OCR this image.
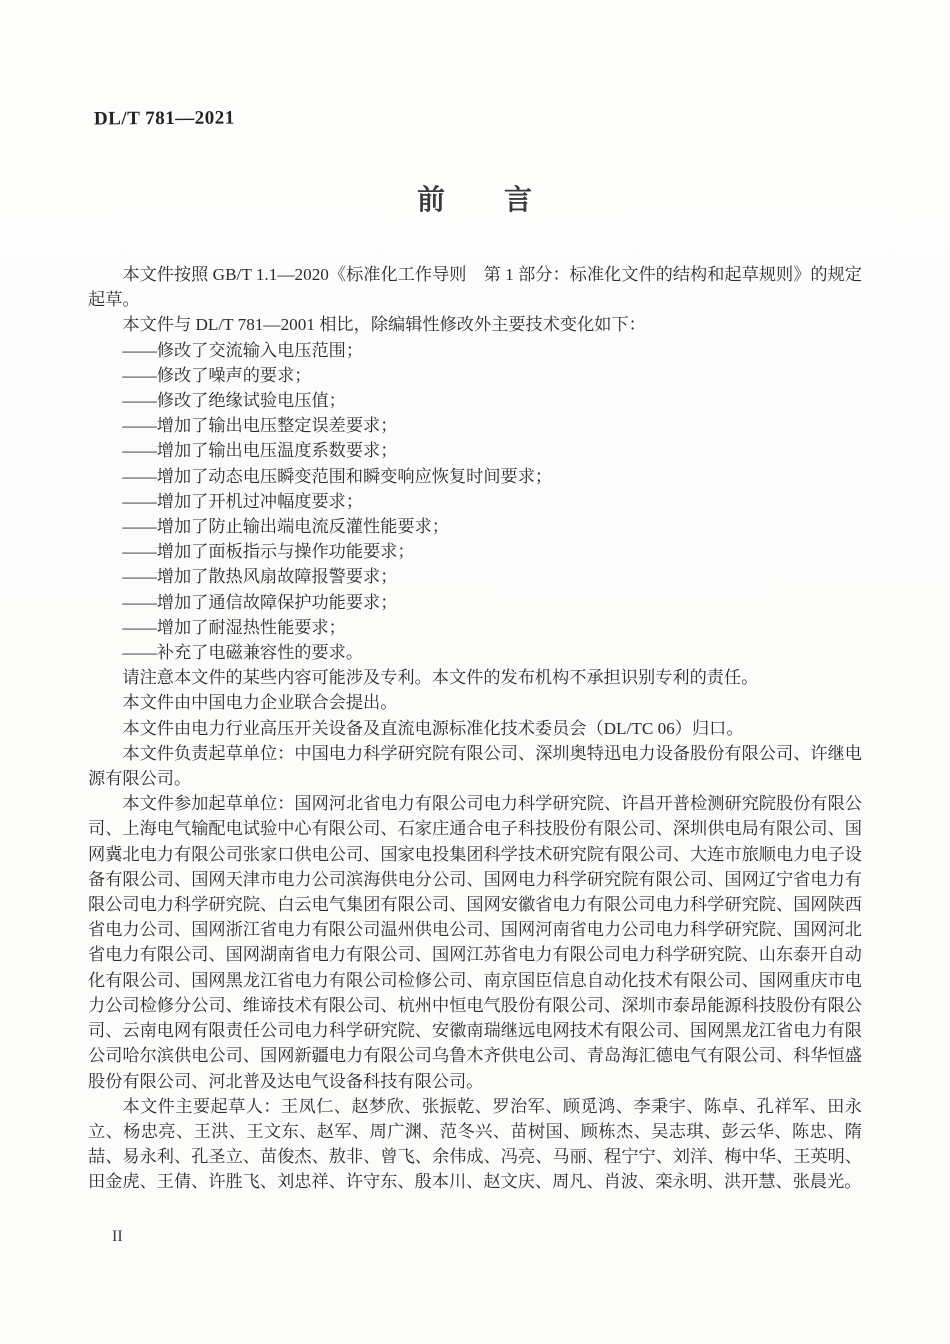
DL/T 781—2021
前　　言

本文件按照 GB/T 1.1—2020《标准化工作导则　第 1 部分：标准化文件的结构和起草规则》的规定起草。

本文件与 DL/T 781—2001 相比，除编辑性修改外主要技术变化如下：

——修改了交流输入电压范围；
——修改了噪声的要求；
——修改了绝缘试验电压值；
——增加了输出电压整定误差要求；
——增加了输出电压温度系数要求；
——增加了动态电压瞬变范围和瞬变响应恢复时间要求；
——增加了开机过冲幅度要求；
——增加了防止输出端电流反灌性能要求；
——增加了面板指示与操作功能要求；
——增加了散热风扇故障报警要求；
——增加了通信故障保护功能要求；
——增加了耐湿热性能要求；
——补充了电磁兼容性的要求。

请注意本文件的某些内容可能涉及专利。本文件的发布机构不承担识别专利的责任。

本文件由中国电力企业联合会提出。

本文件由电力行业高压开关设备及直流电源标准化技术委员会（DL/TC 06）归口。

本文件负责起草单位：中国电力科学研究院有限公司、深圳奥特迅电力设备股份有限公司、许继电源有限公司。

本文件参加起草单位：国网河北省电力有限公司电力科学研究院、许昌开普检测研究院股份有限公司、上海电气输配电试验中心有限公司、石家庄通合电子科技股份有限公司、深圳供电局有限公司、国网冀北电力有限公司张家口供电公司、国家电投集团科学技术研究院有限公司、大连市旅顺电力电子设备有限公司、国网天津市电力公司滨海供电分公司、国网电力科学研究院有限公司、国网辽宁省电力有限公司电力科学研究院、白云电气集团有限公司、国网安徽省电力有限公司电力科学研究院、国网陕西省电力公司、国网浙江省电力有限公司温州供电公司、国网河南省电力公司电力科学研究院、国网河北省电力有限公司、国网湖南省电力有限公司、国网江苏省电力有限公司电力科学研究院、山东泰开自动化有限公司、国网黑龙江省电力有限公司检修公司、南京国臣信息自动化技术有限公司、国网重庆市电力公司检修分公司、维谛技术有限公司、杭州中恒电气股份有限公司、深圳市泰昂能源科技股份有限公司、云南电网有限责任公司电力科学研究院、安徽南瑞继远电网技术有限公司、国网黑龙江省电力有限公司哈尔滨供电公司、国网新疆电力有限公司乌鲁木齐供电公司、青岛海汇德电气有限公司、科华恒盛股份有限公司、河北普及达电气设备科技有限公司。

本文件主要起草人：王凤仁、赵梦欣、张振乾、罗治军、顾觅鸿、李秉宇、陈卓、孔祥军、田永立、杨忠亮、王洪、王文东、赵军、周广渊、范冬兴、苗树国、顾栋杰、吴志琪、彭云华、陈忠、隋喆、易永利、孔圣立、苗俊杰、敖非、曾飞、余伟成、冯亮、马丽、程宁宁、刘洋、梅中华、王英明、田金虎、王倩、许胜飞、刘忠祥、许守东、殷本川、赵文庆、周凡、肖波、栾永明、洪开慧、张晨光。

II
